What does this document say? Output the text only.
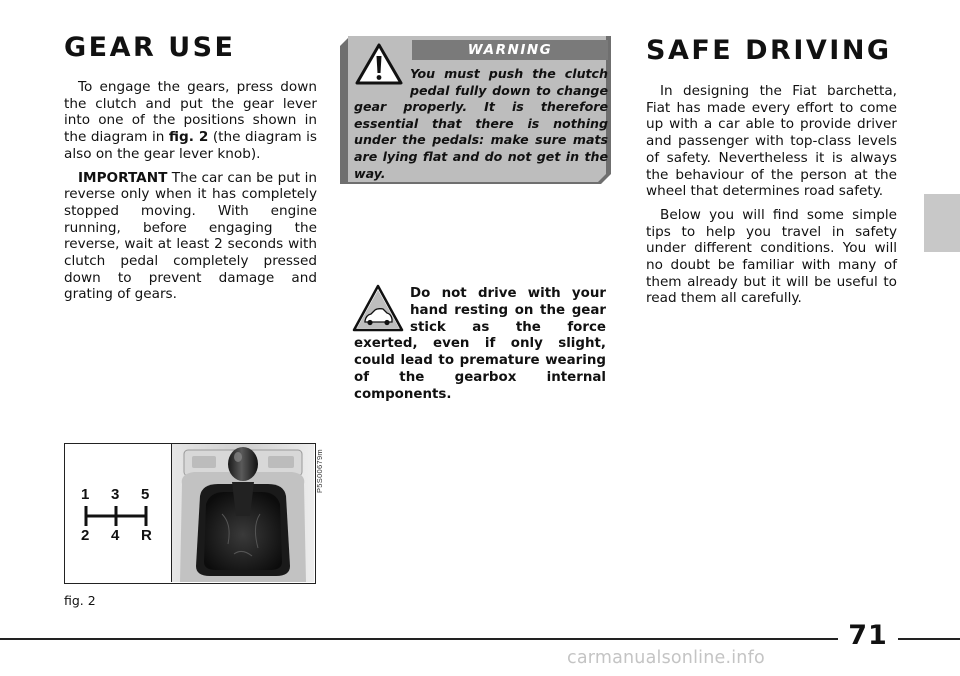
GEAR USE

To engage the gears, press down the clutch and put the gear lever into one of the positions shown in the diagram in fig. 2 (the diagram is also on the gear lever knob).

IMPORTANT The car can be put in reverse only when it has completely stopped moving. With engine running, before engaging the reverse, wait at least 2 seconds with clutch pedal completely pressed down to prevent damage and grating of gears.

WARNING
You must push the clutch pedal fully down to change gear properly. It is therefore essential that there is nothing under the pedals: make sure mats are lying flat and do not get in the way.
Do not drive with your hand resting on the gear stick as the force exerted, even if only slight, could lead to premature wearing of the gearbox internal components.
SAFE DRIVING

In designing the Fiat barchetta, Fiat has made every effort to come up with a car able to provide driver and passenger with top-class levels of safety. Nevertheless it is always the behaviour of the person at the wheel that determines road safety.

Below you will find some simple tips to help you travel in safety under different conditions. You will no doubt be familiar with many of them already but it will be useful to read them all carefully.

1 3 5
2 4 R
P5S00679m
fig. 2
71
carmanualsonline.info
